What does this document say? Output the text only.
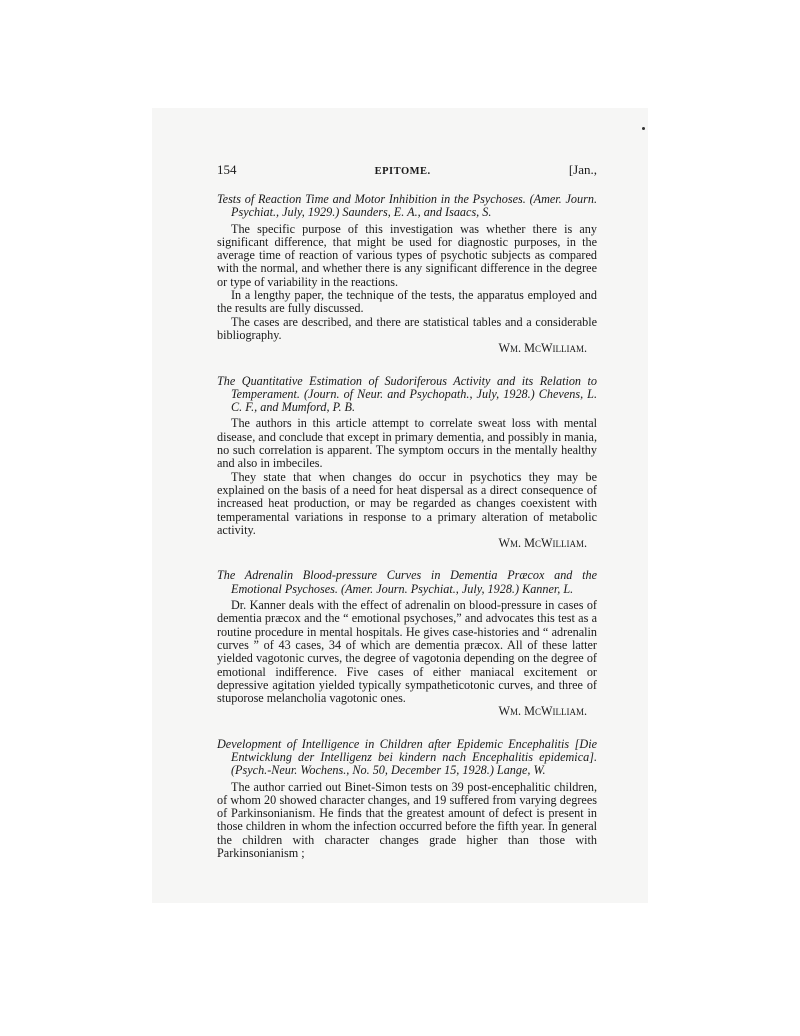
154	EPITOME.	[Jan.,

Tests of Reaction Time and Motor Inhibition in the Psychoses. (Amer. Journ. Psychiat., July, 1929.) Saunders, E. A., and Isaacs, S.

The specific purpose of this investigation was whether there is any significant difference, that might be used for diagnostic purposes, in the average time of reaction of various types of psychotic subjects as compared with the normal, and whether there is any significant difference in the degree or type of variability in the reactions.

In a lengthy paper, the technique of the tests, the apparatus employed and the results are fully discussed.

The cases are described, and there are statistical tables and a considerable bibliography.

Wm. McWilliam.

The Quantitative Estimation of Sudoriferous Activity and its Relation to Temperament. (Journ. of Neur. and Psychopath., July, 1928.) Chevens, L. C. F., and Mumford, P. B.

The authors in this article attempt to correlate sweat loss with mental disease, and conclude that except in primary dementia, and possibly in mania, no such correlation is apparent. The symptom occurs in the mentally healthy and also in imbeciles.

They state that when changes do occur in psychotics they may be explained on the basis of a need for heat dispersal as a direct consequence of increased heat production, or may be regarded as changes coexistent with temperamental variations in response to a primary alteration of metabolic activity.

Wm. McWilliam.

The Adrenalin Blood-pressure Curves in Dementia Præcox and the Emotional Psychoses. (Amer. Journ. Psychiat., July, 1928.) Kanner, L.

Dr. Kanner deals with the effect of adrenalin on blood-pressure in cases of dementia præcox and the “ emotional psychoses,” and advocates this test as a routine procedure in mental hospitals. He gives case-histories and “ adrenalin curves ” of 43 cases, 34 of which are dementia præcox. All of these latter yielded vagotonic curves, the degree of vagotonia depending on the degree of emotional indifference. Five cases of either maniacal excitement or depressive agitation yielded typically sympatheticotonic curves, and three of stuporose melancholia vagotonic ones.

Wm. McWilliam.

Development of Intelligence in Children after Epidemic Encephalitis [Die Entwicklung der Intelligenz bei kindern nach Encephalitis epidemica]. (Psych.-Neur. Wochens., No. 50, December 15, 1928.) Lange, W.

The author carried out Binet-Simon tests on 39 post-encephalitic children, of whom 20 showed character changes, and 19 suffered from varying degrees of Parkinsonianism. He finds that the greatest amount of defect is present in those children in whom the infection occurred before the fifth year. In general the children with character changes grade higher than those with Parkinsonianism ;
